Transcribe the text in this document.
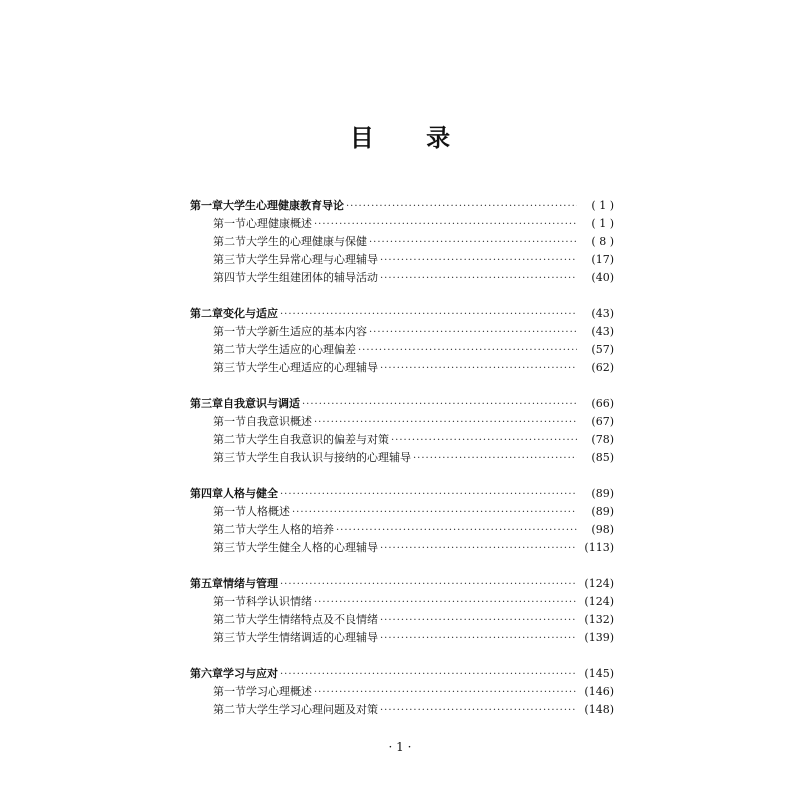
目 录
第一章 大学生心理健康教育导论 ·····	( 1 )
第一节 心理健康概述 ·····	( 1 )
第二节 大学生的心理健康与保健 ·····	( 8 )
第三节 大学生异常心理与心理辅导 ·····	(17)
第四节 大学生组建团体的辅导活动 ·····	(40)
第二章 变化与适应 ·····	(43)
第一节 大学新生适应的基本内容 ·····	(43)
第二节 大学生适应的心理偏差 ·····	(57)
第三节 大学生心理适应的心理辅导 ·····	(62)
第三章 自我意识与调适 ·····	(66)
第一节 自我意识概述 ·····	(67)
第二节 大学生自我意识的偏差与对策 ·····	(78)
第三节 大学生自我认识与接纳的心理辅导 ·····	(85)
第四章 人格与健全 ·····	(89)
第一节 人格概述 ·····	(89)
第二节 大学生人格的培养 ·····	(98)
第三节 大学生健全人格的心理辅导 ·····	(113)
第五章 情绪与管理 ·····	(124)
第一节 科学认识情绪 ·····	(124)
第二节 大学生情绪特点及不良情绪 ·····	(132)
第三节 大学生情绪调适的心理辅导 ·····	(139)
第六章 学习与应对 ·····	(145)
第一节 学习心理概述 ·····	(146)
第二节 大学生学习心理问题及对策 ·····	(148)
· 1 ·
